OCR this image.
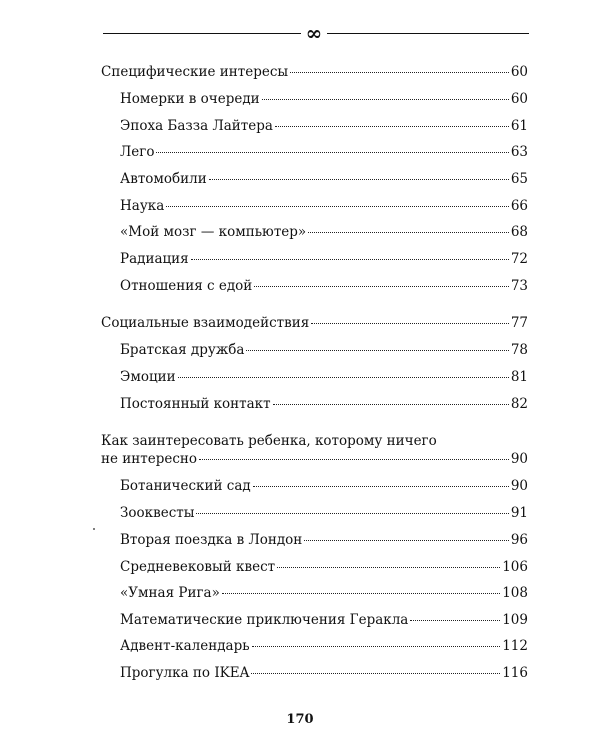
∞
Специфические интересы	60
Номерки в очереди	60
Эпоха Базза Лайтера	61
Лего	63
Автомобили	65
Наука	66
«Мой мозг — компьютер»	68
Радиация	72
Отношения с едой	73
Социальные взаимодействия	77
Братская дружба	78
Эмоции	81
Постоянный контакт	82
Как заинтересовать ребенка, которому ничего
не интересно	90
Ботанический сад	90
Зооквесты	91
Вторая поездка в Лондон	96
Средневековый квест	106
«Умная Рига»	108
Математические приключения Геракла	109
Адвент-календарь	112
Прогулка по IKEA	116
170
